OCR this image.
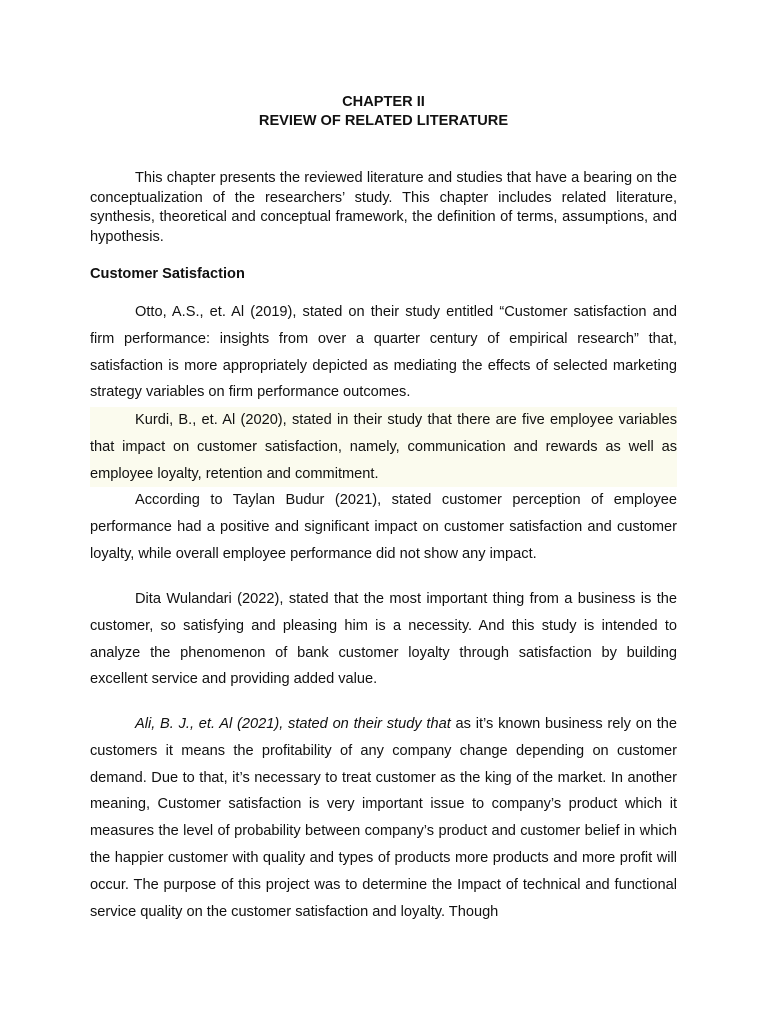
CHAPTER II
REVIEW OF RELATED LITERATURE

This chapter presents the reviewed literature and studies that have a bearing on the conceptualization of the researchers’ study. This chapter includes related literature, synthesis, theoretical and conceptual framework, the definition of terms, assumptions, and hypothesis.

Customer Satisfaction

Otto, A.S., et. Al (2019), stated on their study entitled “Customer satisfaction and firm performance: insights from over a quarter century of empirical research” that, satisfaction is more appropriately depicted as mediating the effects of selected marketing strategy variables on firm performance outcomes.

Kurdi, B., et. Al (2020), stated in their study that there are five employee variables that impact on customer satisfaction, namely, communication and rewards as well as employee loyalty, retention and commitment.

According to Taylan Budur (2021), stated customer perception of employee performance had a positive and significant impact on customer satisfaction and customer loyalty, while overall employee performance did not show any impact.

Dita Wulandari (2022), stated that the most important thing from a business is the customer, so satisfying and pleasing him is a necessity. And this study is intended to analyze the phenomenon of bank customer loyalty through satisfaction by building excellent service and providing added value.

Ali, B. J., et. Al (2021), stated on their study that as it’s known business rely on the customers it means the profitability of any company change depending on customer demand. Due to that, it’s necessary to treat customer as the king of the market. In another meaning, Customer satisfaction is very important issue to company’s product which it measures the level of probability between company’s product and customer belief in which the happier customer with quality and types of products more products and more profit will occur. The purpose of this project was to determine the Impact of technical and functional service quality on the customer satisfaction and loyalty. Though
